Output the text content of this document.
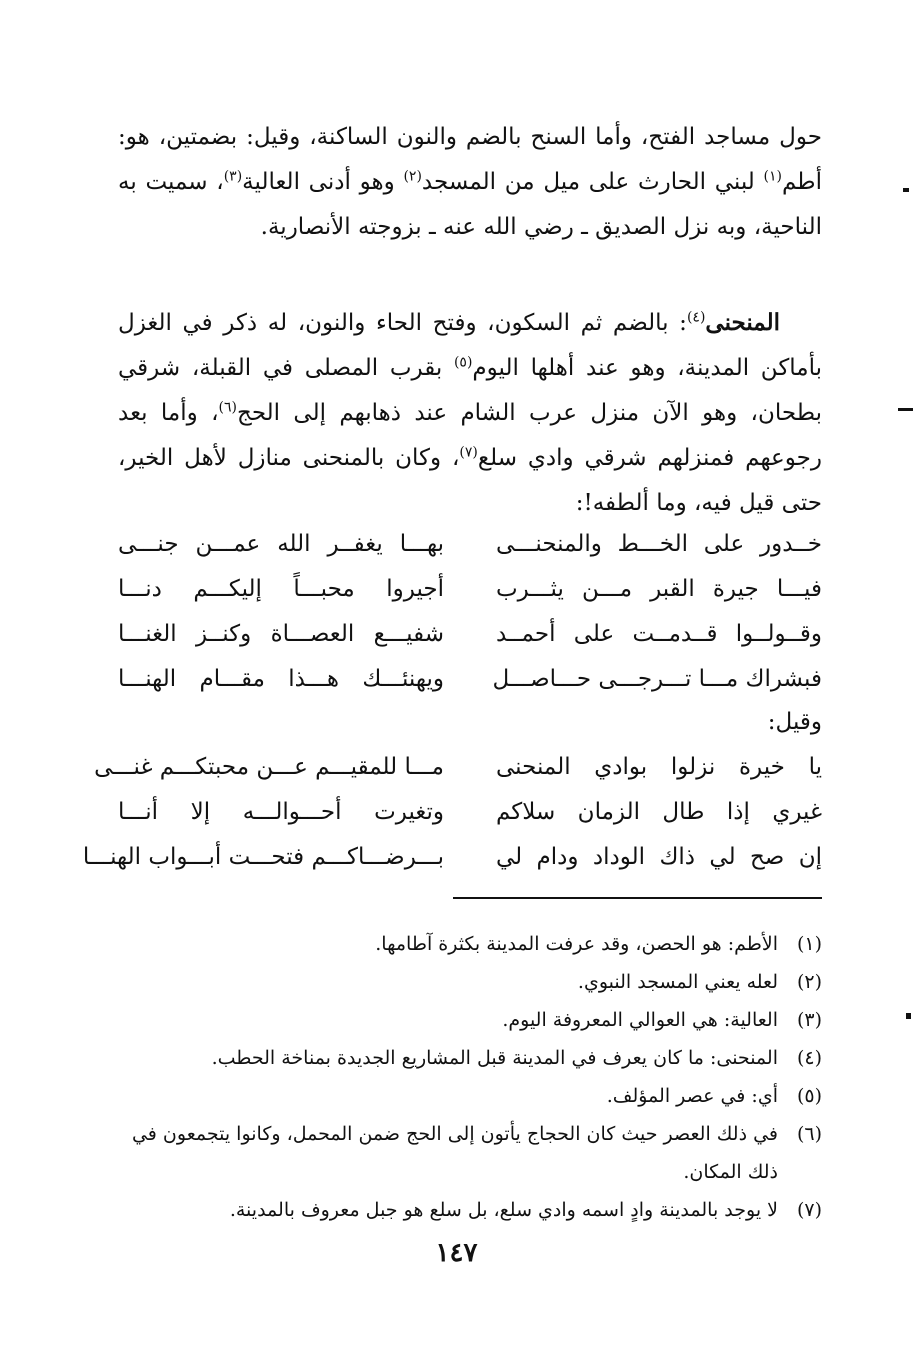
حول مساجد الفتح، وأما السنح بالضم والنون الساكنة، وقيل: بضمتين، هو: أطم$^{(١)}$ لبني الحارث على ميل من المسجد$^{(٢)}$ وهو أدنى العالية$^{(٣)}$، سميت به الناحية، وبه نزل الصديق ـ رضي الله عنه ـ بزوجته الأنصارية.

المنحنى$^{(٤)}$: بالضم ثم السكون، وفتح الحاء والنون، له ذكر في الغزل بأماكن المدينة، وهو عند أهلها اليوم$^{(٥)}$ بقرب المصلى في القبلة، شرقي بطحان، وهو الآن منزل عرب الشام عند ذهابهم إلى الحج$^{(٦)}$، وأما بعد رجوعهم فمنزلهم شرقي وادي سلع$^{(٧)}$، وكان بالمنحنى منازل لأهل الخير، حتى قيل فيه، وما ألطفه!:

خــدور على الخـــط والمنحنـــى
بهـــا يغفــر الله عمـــن جنـــى
فيـــا جيرة القبر مـــن يثـــرب
أجيروا محبـــاً إليكـــم دنـــا
وقــولــوا قــدمــت على أحمــد
شفيـــع العصـــاة وكنــز الغنـــا
فبشراك مـــا تـــرجـــى حـــاصـــل
ويهنئـــك هـــذا مقـــام الهنـــا
وقيل:
يا خيرة نزلوا بوادي المنحنى
مـــا للمقيـــم عـــن محبتكـــم غنـــى
غيري إذا طال الزمان سلاكم
وتغيرت أحـــوالـــه إلا أنـــا
إن صح لي ذاك الوداد ودام لي
بـــرضـــاكـــم فتحـــت أبـــواب الهنـــا

(١)
الأطم: هو الحصن، وقد عرفت المدينة بكثرة آطامها.

(٢)
لعله يعني المسجد النبوي.

(٣)
العالية: هي العوالي المعروفة اليوم.

(٤)
المنحنى: ما كان يعرف في المدينة قبل المشاريع الجديدة بمناخة الحطب.

(٥)
أي: في عصر المؤلف.

(٦)
في ذلك العصر حيث كان الحجاج يأتون إلى الحج ضمن المحمل، وكانوا يتجمعون في ذلك المكان.

(٧)
لا يوجد بالمدينة وادٍ اسمه وادي سلع، بل سلع هو جبل معروف بالمدينة.

١٤٧
